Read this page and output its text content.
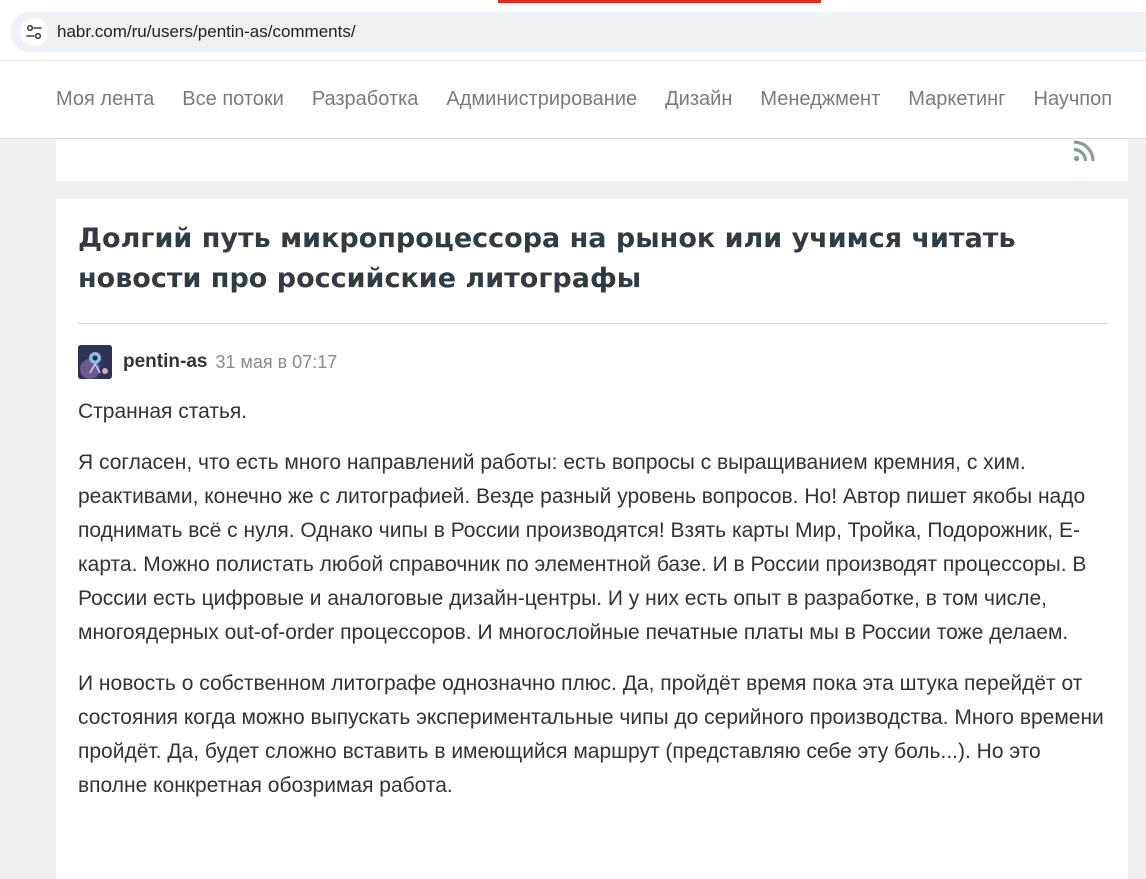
habr.com/ru/users/pentin-as/comments/
Моя лента Все потоки Разработка Администрирование Дизайн Менеджмент Маркетинг Научпоп
Долгий путь микропроцессора на рынок или учимся читать новости про российские литографы
pentin-as 31 мая в 07:17

Странная статья.

Я согласен, что есть много направлений работы: есть вопросы с выращиванием кремния, с хим. реактивами, конечно же с литографией. Везде разный уровень вопросов. Но! Автор пишет якобы надо поднимать всё с нуля. Однако чипы в России производятся! Взять карты Мир, Тройка, Подорожник, Е-карта. Можно полистать любой справочник по элементной базе. И в России производят процессоры. В России есть цифровые и аналоговые дизайн-центры. И у них есть опыт в разработке, в том числе, многоядерных out-of-order процессоров. И многослойные печатные платы мы в России тоже делаем.

И новость о собственном литографе однозначно плюс. Да, пройдёт время пока эта штука перейдёт от состояния когда можно выпускать экспериментальные чипы до серийного производства. Много времени пройдёт. Да, будет сложно вставить в имеющийся маршрут (представляю себе эту боль...). Но это вполне конкретная обозримая работа.
